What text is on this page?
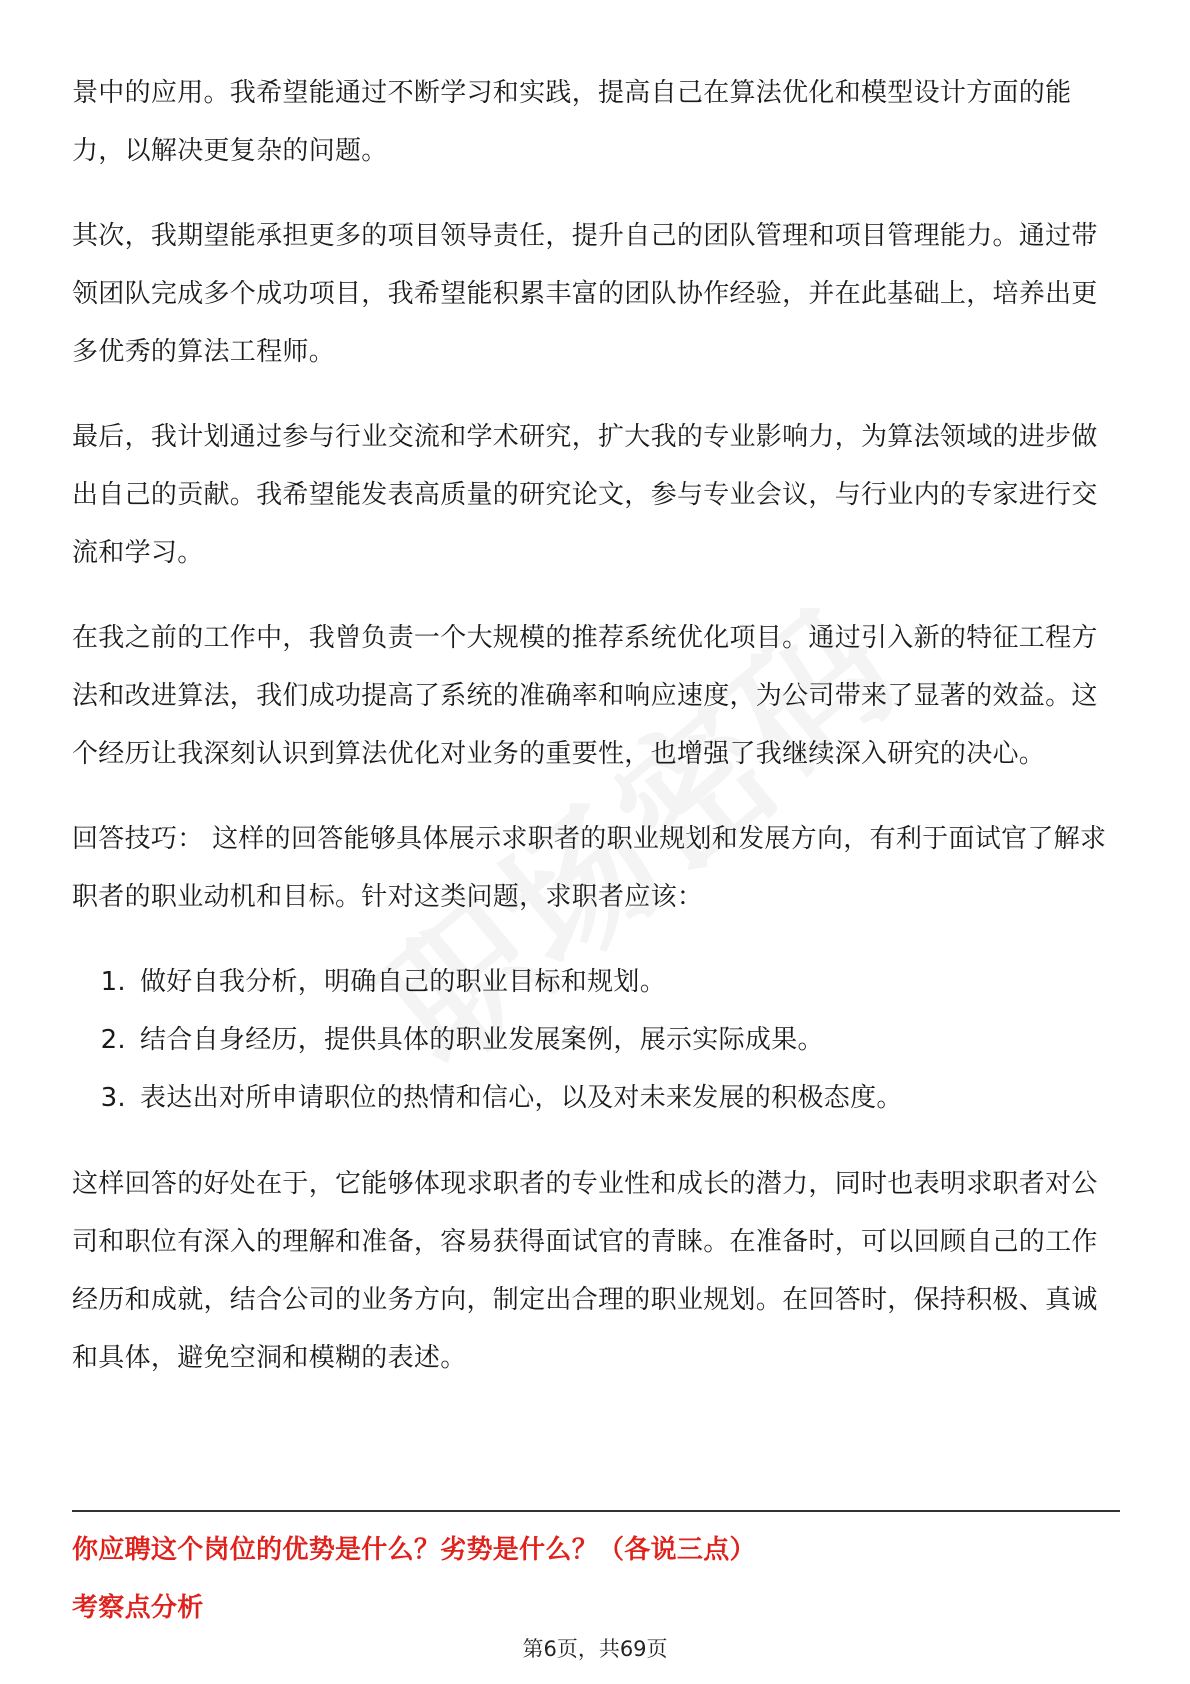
景中的应用。我希望能通过不断学习和实践，提高自己在算法优化和模型设计方面的能力，以解决更复杂的问题。

其次，我期望能承担更多的项目领导责任，提升自己的团队管理和项目管理能力。通过带领团队完成多个成功项目，我希望能积累丰富的团队协作经验，并在此基础上，培养出更多优秀的算法工程师。

最后，我计划通过参与行业交流和学术研究，扩大我的专业影响力，为算法领域的进步做出自己的贡献。我希望能发表高质量的研究论文，参与专业会议，与行业内的专家进行交流和学习。

在我之前的工作中，我曾负责一个大规模的推荐系统优化项目。通过引入新的特征工程方法和改进算法，我们成功提高了系统的准确率和响应速度，为公司带来了显著的效益。这个经历让我深刻认识到算法优化对业务的重要性，也增强了我继续深入研究的决心。

回答技巧： 这样的回答能够具体展示求职者的职业规划和发展方向，有利于面试官了解求职者的职业动机和目标。针对这类问题，求职者应该：

1. 做好自我分析，明确自己的职业目标和规划。
2. 结合自身经历，提供具体的职业发展案例，展示实际成果。
3. 表达出对所申请职位的热情和信心，以及对未来发展的积极态度。

这样回答的好处在于，它能够体现求职者的专业性和成长的潜力，同时也表明求职者对公司和职位有深入的理解和准备，容易获得面试官的青睐。在准备时，可以回顾自己的工作经历和成就，结合公司的业务方向，制定出合理的职业规划。在回答时，保持积极、真诚和具体，避免空洞和模糊的表述。

你应聘这个岗位的优势是什么？劣势是什么？（各说三点）
考察点分析
第6页，共69页
